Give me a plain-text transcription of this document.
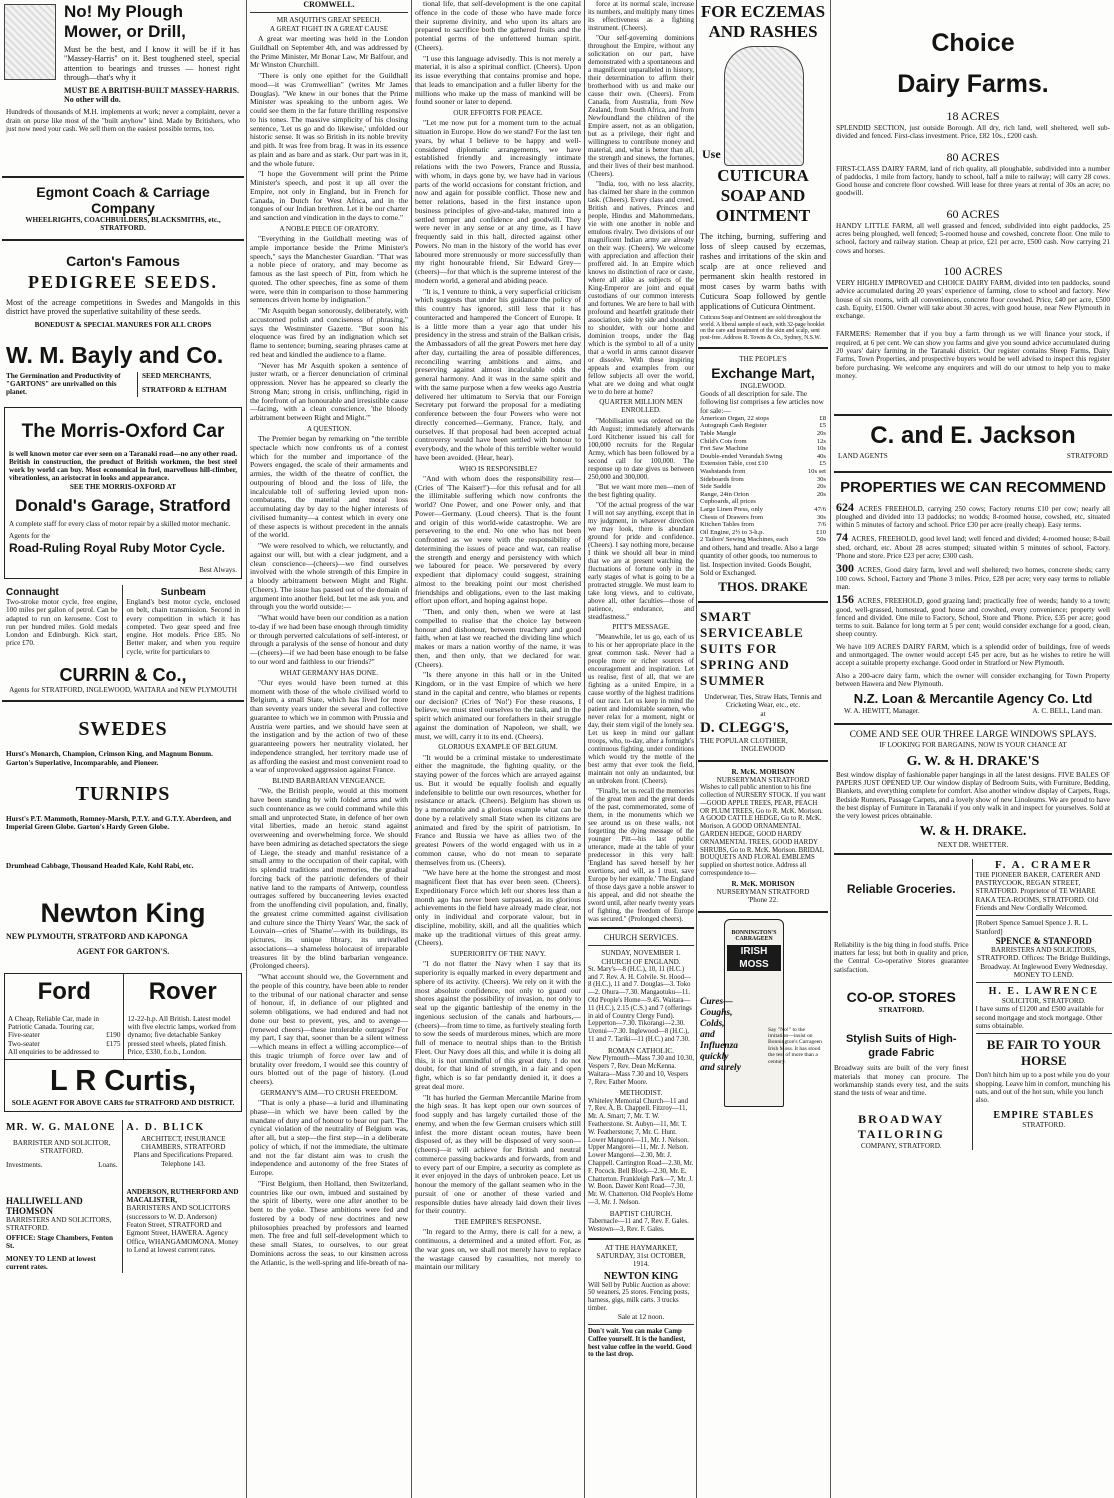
No! My Plough Mower, or Drill,
Must be the best, and I know it will be if it has "Massey-Harris" on it. Best toughened steel, special attention to bearings and trusses — honest right through—that's why it
MUST BE A BRITISH-BUILT MASSEY-HARRIS. No other will do.
Hundreds of thousands of M.H. implements at work; never a complaint, never a drain on purse like most of the "built anyhow" kind. Made by Britishers, who just now need your cash. We sell them on the easiest possible terms, too.
Egmont Coach & Carriage Company
WHEELRIGHTS, COACHBUILDERS, BLACKSMITHS, etc., STRATFORD.
Carton's Famous
PEDIGREE SEEDS.
Most of the acreage competitions in Swedes and Mangolds in this district have proved the superlative suitability of these seeds.
BONEDUST & SPECIAL MANURES FOR ALL CROPS
W. M. Bayly and Co.
The Germination and Productivity of "GARTONS" are unrivalled on this planet.
SEED MERCHANTS,
STRATFORD & ELTHAM
The Morris-Oxford Car
is well known motor car ever seen on a Taranaki road—no any other road. British in construction, the product of British workmen, the best steel work by world can buy. Most economical in fuel, marvellous hill-climber, vibrationless, an aristocrat in looks and appearance.
SEE THE MORRIS-OXFORD AT
Donald's Garage, Stratford
A complete staff for every class of motor repair by a skilled motor mechanic.
Agents for the
Road-Ruling Royal Ruby Motor Cycle.
Best Always.
Connaught
Two-stroke motor cycle, free engine, 100 miles per gallon of petrol. Can be adapted to run on kerosene. Cost to run per hundred miles. Gold medals London and Edinburgh. Kick start, price £70.
Sunbeam
England's best motor cycle, enclosed on belt, chain transmission. Second in every competition in which it has competed. Two gear speed and free engine. Hot models. Price £85. No Better maker, and when you require cycle, write for particulars to
CURRIN & Co.,
Agents for STRATFORD, INGLEWOOD, WAITARA and NEW PLYMOUTH
SWEDES
Hurst's Monarch, Champion, Crimson King, and Magnum Bonum. Garton's Superlative, Incomparable, and Pioneer.
TURNIPS
Hurst's P.T. Mammoth, Romney-Marsh, P.T.Y. and G.T.Y. Aberdeen, and Imperial Green Globe. Garton's Hardy Green Globe.
Drumhead Cabbage, Thousand Headed Kale, Kohl Rabi, etc.
Newton King
NEW PLYMOUTH, STRATFORD AND KAPONGA
AGENT FOR GARTON'S.
Ford
A Cheap, Reliable Car, made in Patriotic Canada. Touring car,
Five-seater	£190
Two-seater	£175
All enquiries to be addressed to
Rover
12-22-h.p. All British. Latest model with five electric lamps, worked from dynamo; five detachable Sankey pressed steel wheels, plated finish. Price, £330, f.o.b., London.
L R Curtis,
SOLE AGENT FOR ABOVE CARS for STRATFORD AND DISTRICT.
MR. W. G. MALONE
BARRISTER AND SOLICITOR, STRATFORD.
Investments.	Loans.
HALLIWELL AND THOMSON
BARRISTERS AND SOLICITORS, STRATFORD.
OFFICE: Stage Chambers, Fenton St.
MONEY TO LEND at lowest current rates.
A. D. BLICK
ARCHITECT, INSURANCE CHAMBERS, STRATFORD
Plans and Specifications Prepared. Telephone 143.
ANDERSON, RUTHERFORD AND MACALISTER,
BARRISTERS AND SOLICITORS (successors to W. D. Anderson)
Featon Street, STRATFORD and Egmont Street, HAWERA. Agency Office, WHANGAMOMONA. Money to Lend at lowest current rates.
CROMWELL.
MR ASQUITH'S GREAT SPEECH.
A GREAT FIGHT IN A GREAT CAUSE

A great war meeting was held in the London Guildhall on September 4th, and was addressed by the Prime Minister, Mr Bonar Law, Mr Balfour, and Mr Winston Churchill.

"There is only one epithet for the Guildhall mood—it was Cromwellian" (writes Mr James Douglas). "We knew in our bones that the Prime Minister was speaking to the unborn ages. We could see them in the far future thrilling responsive to his tones. The massive simplicity of his closing sentence, 'Let us go and do likewise,' unfolded our historic sense. It was so British in its noble brevity and pith. It was free from brag. It was in its essence as plain and as bare and as stark. Our part was in it, and the whole future.

"I hope the Government will print the Prime Minister's speech, and post it up all over the Empire, not only in England, but in French for Canada, in Dutch for West Africa, and in the tongues of our Indian brethren. Let it be our charter and sanction and vindication in the days to come."

A NOBLE PIECE OF ORATORY.

"Everything in the Guildhall meeting was of ample importance beside the Prime Minister's speech," says the Manchester Guardian. "That was a noble piece of oratory, and may become as famous as the last speech of Pitt, from which he quoted. The other speeches, fine as some of them were, were thin in comparison to those hammering sentences driven home by indignation."

"Mr Asquith began sonorously, deliberately, with accustomed polish and conciseness of phrasing," says the Westminster Gazette. "But soon his eloquence was fired by an indignation which set flame to sentence; burning, searing phrases came at red heat and kindled the audience to a flame.

"Never has Mr Asquith spoken a sentence of juster wrath, or a fiercer denunciation of criminal oppression. Never has he appeared so clearly the Strong Man; strong in crisis, unflinching, rigid in the forefront of an honourable and irresistible cause—facing, with a clean conscience, 'the bloody arbitrament between Right and Might.'"

A QUESTION.

The Premier began by remarking on "the terrible spectacle which now confronts us of a contest which for the number and importance of the Powers engaged, the scale of their armaments and armies, the width of the theatre of conflict, the outpouring of blood and the loss of life, the incalculable toll of suffering levied upon non-combatants, the material and moral loss accumulating day by day to the higher interests of civilised humanity—a contest which in every one of these aspects is without precedent in the annals of the world.

"We were resolved to which, we reluctantly, and against our will, but with a clear judgment, and a clean conscience—(cheers)—we find ourselves involved with the whole strength of this Empire in a bloody arbitrament between Might and Right. (Cheers). The issue has passed out of the domain of argument into another field, but let me ask you, and through you the world outside:—

"What would have been our condition as a nation to-day if we had been base enough through timidity or through perverted calculations of self-interest, or through a paralysis of the sense of honour and duty—(cheers)—if we had been base enough to be false to our word and faithless to our friends?"

WHAT GERMANY HAS DONE.

"Our eyes would have been turned at this moment with those of the whole civilised world to Belgium, a small State, which has lived for more than seventy years under the several and collective guarantee to which we in common with Prussia and Austria were parties, and we should have seen at the instigation and by the action of two of these guaranteeing powers her neutrality violated, her independence strangled, her territory made use of as affording the easiest and most convenient road to a war of unprovoked aggression against France.

BLIND BARBARIAN VENGEANCE.

"We, the British people, would at this moment have been standing by with folded arms and with such countenance as we could command while this small and unprotected State, in defence of her own vital liberties, made an heroic stand against overweening and overwhelming force. We should have been admiring as detached spectators the siege of Liege, the steady and manful resistance of a small army to the occupation of their capital, with its splendid traditions and memories, the gradual forcing back of the patriotic defenders of their native land to the ramparts of Antwerp, countless outrages suffered by buccaneering levies exacted from the unoffending civil population, and, finally, the greatest crime committed against civilisation and culture since the Thirty Years' War, the sack of Louvain—cries of 'Shame'—with its buildings, its pictures, its unique library, its unrivalled associations—a shameless holocaust of irreparable treasures lit by the blind barbarian vengeance. (Prolonged cheers).

"What account should we, the Government and the people of this country, have been able to render to the tribunal of our national character and sense of honour, if, in defiance of our plighted and solemn obligations, we had endured and had not done our best to prevent, yes, and to avenge—(renewed cheers)—these intolerable outrages? For my part, I say that, sooner than be a silent witness—which means in effect a willing accomplice—of this tragic triumph of force over law and of brutality over freedom, I would see this country of ours blotted out of the page of history. (Loud cheers).

GERMANY'S AIM—TO CRUSH FREEDOM.

"That is only a phase—a lurid and illuminating phase—in which we have been called by the mandate of duty and of honour to bear our part. The cynical violation of the neutrality of Belgium was, after all, but a step—the first step—in a deliberate policy of which, if not the immediate, the ultimate and not the far distant aim was to crush the independence and autonomy of the free States of Europe.

"First Belgium, then Holland, then Switzerland, countries like our own, imbued and sustained by the spirit of liberty, were one after another to be bent to the yoke. These ambitions were fed and fostered by a body of new doctrines and new philosophies preached by professors and learned men. The free and full self-development which to these small States, to ourselves, to our great Dominions across the seas, to our kinsmen across the Atlantic, is the well-spring and life-breath of na-

tional life, that self-development is the one capital offence in the code of those who have made force their supreme divinity, and who upon its altars are prepared to sacrifice both the gathered fruits and the potential germs of the unfettered human spirit. (Cheers).

"I use this language advisedly. This is not merely a material, it is also a spiritual conflict. (Cheers). Upon its issue everything that contains promise and hope, that leads to emancipation and a fuller liberty for the millions who make up the mass of mankind will be found sooner or later to depend.

OUR EFFORTS FOR PEACE.

"Let me now put for a moment turn to the actual situation in Europe. How do we stand? For the last ten years, by what I believe to be happy and well-considered diplomatic arrangements, we have established friendly and increasingly intimate relations with the two Powers, France and Russia, with whom, in days gone by, we have had in various parts of the world occasions for constant friction, and now and again for possible conflict. Those new and better relations, based in the first instance upon business principles of give-and-take, matured into a settled temper and confidence and goodwill. They were never in any sense or at any time, as I have frequently said in this hall, directed against other Powers. No man in the history of the world has ever laboured more strenuously or more successfully than my right honourable friend, Sir Edward Grey—(cheers)—for that which is the supreme interest of the modern world, a general and abiding peace.

"It is, I venture to think, a very superficial criticism which suggests that under his guidance the policy of this country has ignored, still less that it has counteracted and hampered the Concert of Europe. It is a little more than a year ago that under his presidency in the stress and strain of the Balkan crisis, the Ambassadors of all the great Powers met here day after day, curtailing the area of possible differences, reconciling warring ambitions and aims, and preserving against almost incalculable odds the general harmony. And it was in the same spirit and with the same purpose when a few weeks ago Austria delivered her ultimatum to Servia that our Foreign Secretary put forward the proposal for a mediating conference between the four Powers who were not directly concerned—Germany, France, Italy, and ourselves. If that proposal had been accepted actual controversy would have been settled with honour to everybody, and the whole of this terrible welter would have been avoided. (Hear, hear).

WHO IS RESPONSIBLE?

"And with whom does the responsibility rest—(Cries of 'The Kaiser!')—for this refusal and for all the illimitable suffering which now confronts the world? One Power, and one Power only, and that Power—Germany. (Loud cheers). That is the fount and origin of this world-wide catastrophe. We are persevering to the end. No one who has not been confronted as we were with the responsibility of determining the issues of peace and war, can realise the strength and energy and persistency with which we laboured for peace. We persevered by every expedient that diplomacy could suggest, straining almost to the breaking point our most cherished friendships and obligations, even to the last making effort upon effort, and hoping against hope.

"Then, and only then, when we were at last compelled to realise that the choice lay between honour and dishonour, between treachery and good faith, when at last we reached the dividing line which makes or mars a nation worthy of the name, it was then, and then only, that we declared for war. (Cheers).

"Is there anyone in this hall or in the United Kingdom, or in the vast Empire of which we here stand in the capital and centre, who blames or repents our decision? (Cries of 'No!') For these reasons, I believe, we must steel ourselves to the task, and in the spirit which animated our forefathers in their struggle against the domination of Napoleon, we shall, we must, we will, carry it to its end. (Cheers).

GLORIOUS EXAMPLE OF BELGIUM.

"It would be a criminal mistake to underestimate either the magnitude, the fighting quality, or the staying power of the forces which are arrayed against us. But it would be equally foolish and equally indefensible to belittle our own resources, whether for resistance or attack. (Cheers). Belgium has shown us by a memorable and a glorious example what can be done by a relatively small State when its citizens are animated and fired by the spirit of patriotism. In France and Russia we have as allies two of the greatest Powers of the world engaged with us in a common cause, who do not mean to separate themselves from us. (Cheers).

"We have here at the home the strongest and most magnificent fleet that has ever been seen. (Cheers). Expeditionary Force which left our shores less than a month ago has never been surpassed, as its glorious achievements in the field have already made clear, not only in individual and corporate valour, but in discipline, mobility, skill, and all the qualities which make up the traditional virtues of this great army. (Cheers).

SUPERIORITY OF THE NAVY.

"I do not flatter the Navy when I say that its superiority is equally marked in every department and sphere of its activity. (Cheers). We rely on it with the most absolute confidence, not only to guard our shores against the possibility of invasion, not only to seal up the gigantic battleship of the enemy in the ingenious seclusion of the canals and harbours,—(cheers)—from time to time, as furtively stealing forth to sow the seeds of murderous mines, which are more full of menace to neutral ships than to the British Fleet. Our Navy does all this, and while it is doing all this, it is not unmindful of this great duty. I do not doubt, for that kind of strength, in a fair and open fight, which is so far pendantly denied it, it does a great deal more.

"It has hurled the German Mercantile Marine from the high seas. It has kept open our own sources of food supply and has largely curtailed those of the enemy, and when the few German cruisers which still infest the more distant ocean routes, have been disposed of, as they will be disposed of very soon—(cheers)—it will achieve for British and neutral commerce passing backwards and forwards, from and to every part of our Empire, a security as complete as it ever enjoyed in the days of unbroken peace. Let us honour the memory of the gallant seamen who in the pursuit of one or another of these varied and responsible duties have already laid down their lives for their country.

THE EMPIRE'S RESPONSE.

"In regard to the Army, there is call for a new, a continuous, a determined and a united effort. For, as the war goes on, we shall not merely have to replace the wastage caused by casualties, not merely to maintain our military

force at its normal scale, increase its numbers, and multiply many times its effectiveness as a fighting instrument. (Cheers).

"Our self-governing dominions throughout the Empire, without any solicitation on our part, have demonstrated with a spontaneous and a magnificent unparalleled in history, their determination to affirm their brotherhood with us and make our cause their own. (Cheers). From Canada, from Australia, from New Zealand, from South Africa, and from Newfoundland the children of the Empire assert, not as an obligation, but as a privilege, their right and willingness to contribute money and material, and, what is better than all, the strength and sinews, the fortunes, and their lives of their best manhood. (Cheers).

"India, too, with no less alacrity, has claimed her share in the common task. (Cheers). Every class and creed, British and natives, Princes and people, Hindus and Mahommedans, vie with one another in noble and emulous rivalry. Two divisions of our magnificent Indian army are already on their way. (Cheers). We welcome with appreciation and affection their proffered aid. In an Empire which knows no distinction of race or caste, where all alike as subjects of the King-Emperor are joint and equal custodians of our common interests and fortunes. We are here to hail with profound and heartfelt gratitude their association, side by side and shoulder to shoulder, with our home and dominion troops, under the flag which is the symbol to all of a unity that a world in arms cannot dissever or dissolve. With these inspiring appeals and examples from our fellow subjects all over the world, what are we doing and what ought we to do here at home?

QUARTER MILLION MEN ENROLLED.

"Mobilisation was ordered on the 4th August; immediately afterwards Lord Kitchener issued his call for 100,000 recruits for the Regular Army, which has been followed by a second call for 100,000. The response up to date gives us between 250,000 and 300,000.

"But we want more men—men of the best fighting quality.

"Of the actual progress of the war I will not say anything, except that in my judgment, in whatever direction we may look, there is abundant ground for pride and confidence. (Cheers). I say nothing more, because I think we should all bear in mind that we are at present watching the fluctuations of fortune only in the early stages of what is going to be a protracted struggle. We must learn to take long views, and to cultivate, above all, other faculties—those of patience, endurance, and steadfastness."

PITT'S MESSAGE.

"Meanwhile, let us go, each of us to his or her appropriate place in the great common task. Never had a people more or richer sources of encouragement and inspiration. Let us realise, first of all, that we are fighting as a united Empire, in a cause worthy of the highest traditions of our race. Let us keep in mind the patient and indomitable seamen, who never relax for a moment, night or day, their stern vigil of the lonely sea. Let us keep in mind our gallant troops, who, to-day, after a fortnight's continuous fighting, under conditions which would try the mettle of the best army that ever took the field, maintain not only an undaunted, but an unbroken front. (Cheers).

"Finally, let us recall the memories of the great men and the great deeds of the past, commemorated, some of them, in the monuments which we see around us on these walls, not forgetting the dying message of the younger Pitt—his last public utterance, made at the table of your predecessor in this very hall: 'England has saved herself by her exertions, and will, as I trust, save Europe by her example.' The England of those days gave a noble answer to his appeal, and did not sheathe the sword until, after nearly twenty years of fighting, the freedom of Europe was secured." (Prolonged cheers).

CHURCH SERVICES.
SUNDAY, NOVEMBER 1.
CHURCH OF ENGLAND.
St. Mary's—8 (H.C.), 10, 11 (H.C.) and 7. Rev. A. H. Colvile. St. Hood—8 (H.C.), 11 and 7. Douglas—3. Toko—2. Ohura—7.30. Mangaotuku—11. Old People's Home—9.45. Waitara—11 (H.C.), 2.15 (C.S.) and 7 (offerings in aid of Country Clergy Fund). Lepperton—7.30. Tikorangi—2.30. Urenui—7.30. Inglewood—8 (H.C.), 11 and 7. Tariki—11 (H.C.) and 7.30.
ROMAN CATHOLIC.
New Plymouth—Mass 7.30 and 10.30, Vespers 7, Rev. Dean McKenna. Waitara—Mass 7.30 and 10, Vespers 7, Rev. Father Moore.
METHODIST.
Whiteley Memorial Church—11 and 7, Rev. A. B. Chappell. Fitzroy—11, Mr. A. Smart; 7, Mr. T. W. Featherstone. St. Aubyn—11, Mr. T. W. Featherstone; 7, Mr. C. Hunt. Lower Mangorei—11, Mr. J. Nelson. Upper Mangorei—11, Mr. J. Nelson. Lower Mangorei—2.30, Mr. J. Chappell. Carrington Road—2.30, Mr. F. Pocock. Bell Block—2.30, Mr. E. Chatterton. Frankleigh Park—7, Mr. J. W. Boon. Dawer Kent Road—7.30, Mr. W. Chatterton. Old People's Home—3, Mr. J. Nelson.
BAPTIST CHURCH.
Tabernacle—11 and 7, Rev. F. Gales. Westown—3, Rev. F. Gales.
AT THE HAYMARKET,
SATURDAY, 31st OCTOBER, 1914.
NEWTON KING
Will Sell by Public Auction as above: 50 weaners, 25 stores. Fencing posts, harness, gigs, milk carts. 3 trucks timber.
Sale at 12 noon.
Don't wait. You can make Camp Coffee yourself. It is the handiest, best value coffee in the world. Good to the last drop.
FOR ECZEMAS AND RASHES
Use
CUTICURA SOAP AND OINTMENT
The itching, burning, suffering and loss of sleep caused by eczemas, rashes and irritations of the skin and scalp are at once relieved and permanent skin health restored in most cases by warm baths with Cuticura Soap followed by gentle applications of Cuticura Ointment.
Cuticura Soap and Ointment are sold throughout the world. A liberal sample of each, with 32-page booklet on the care and treatment of the skin and scalp, sent post-free. Address R. Towns & Co., Sydney, N.S.W.
THE PEOPLE'S
Exchange Mart,
INGLEWOOD.
Goods of all description for sale. The following list comprises a few articles now for sale:—
American Organ, 22 stops	£8
Autograph Cash Register	£5
Table Mangle	20s
Child's Cots from	12s
Fret Saw Machine	10s
Double-ended Verandah Swing	40s
Extension Table, cost £10	£5
Washstands from	10s set
Sideboards from	30s
Side Saddle	20s
Range, 24in Orion	20s
Cupboards, all prices
Large Linen Press, only	47/6
Chests of Drawers from	30s
Kitchen Tables from	7/6
Oil Engine, 2½ to 3-h.p.	£10
2 Tailors' Sewing Machines, each	50s
and others, hand and treadle. Also a large quantity of other goods, too numerous to list. Inspection invited. Goods Bought, Sold or Exchanged.
THOS. DRAKE
SMART
SERVICEABLE
SUITS FOR
SPRING AND
SUMMER
Underwear, Ties, Straw Hats, Tennis and Cricketing Wear, etc., etc.
at
D. CLEGG'S,
THE POPULAR CLOTHIER,
INGLEWOOD
R. McK. MORISON
NURSERYMAN STRATFORD
Wishes to call public attention to his fine collection of NURSERY STOCK. If you want—GOOD APPLE TREES, PEAR, PEACH OR PLUM TREES, Go to R. McK. Morison. A GOOD CATTLE HEDGE, Go to R. McK. Morison. A GOOD ORNAMENTAL GARDEN HEDGE, GOOD HARDY ORNAMENTAL TREES, GOOD HARDY SHRUBS, Go to R. McK. Morison. BRIDAL BOUQUETS AND FLORAL EMBLEMS supplied on shortest notice. Address all correspondence to—
R. McK. MORISON
NURSERYMAN STRATFORD
'Phone 22.
BONNINGTON'S CARRAGEEN
IRISH MOSS
Cures—
Coughs,
Colds,
and
Influenza
quickly
and surely
Say "No!" to the imitation—insist on Bonnington's Carrageen Irish Moss. It has stood the test of more than a century.
Choice
Dairy Farms.
18 ACRES
SPLENDID SECTION, just outside Borough. All dry, rich land, well sheltered, well sub-divided and fenced. First-class investment. Price, £82 10s., £200 cash.
80 ACRES
FIRST-CLASS DAIRY FARM, land of rich quality, all ploughable, subdivided into a number of paddocks, 1 mile from factory, handy to school, half a mile to railway; will carry 28 cows. Good house and concrete floor cowshed. Will lease for three years at rental of 30s an acre; no goodwill.
60 ACRES
HANDY LITTLE FARM, all well grassed and fenced, subdivided into eight paddocks, 25 acres being ploughed, well fenced; 5-roomed house and cowshed, concrete floor. One mile to school, factory and railway station. Cheap at price, £21 per acre, £500 cash. Now carrying 21 cows and horses.
100 ACRES
VERY HIGHLY IMPROVED and CHOICE DAIRY FARM, divided into ten paddocks, sound advice accumulated during 20 years' experience of farming, close to school and factory. New house of six rooms, with all conveniences, concrete floor cowshed. Price, £40 per acre, £500 cash. Equity, £1500. Owner will take about 30 acres, with good house, near New Plymouth in exchange.
FARMERS: Remember that if you buy a farm through us we will finance your stock, if required, at 6 per cent. We can show you farms and give you sound advice accumulated during 20 years' dairy farming in the Taranaki district. Our register contains Sheep Farms, Dairy Farms, Town Properties, and prospective buyers would be well advised to inspect this register before purchasing. We welcome any enquirers and will do our utmost to help you to make money.
C. and E. Jackson
LAND AGENTS	STRATFORD
PROPERTIES WE CAN RECOMMEND
624 ACRES FREEHOLD, carrying 250 cows; Factory returns £10 per cow; nearly all ploughed and divided into 13 paddocks; no wodds; 8-roomed house, cowshed, etc, situated within 5 minutes of factory and school. Price £30 per acre (really cheap). Easy terms.
74 ACRES, FREEHOLD, good level land; well fenced and divided; 4-roomed house; 8-bail shed, orchard, etc. About 28 acres stumped; situated within 5 minutes of school, Factory. 'Phone and store. Price £23 per acre; £300 cash.
300 ACRES, Good dairy farm, level and well sheltered; two homes, concrete sheds; carry 100 cows. School, Factory and 'Phone 3 miles. Price, £28 per acre; very easy terms to reliable man.
156 ACRES, FREEHOLD, good grazing land; practically free of weeds; handy to a town; good, well-grassed, homestead, good house and cowshed, every convenience; property well fenced and divided. One mile to Factory, School, Store and 'Phone. Price, £35 per acre; good terms to suit. Balance for long term at 5 per cent; would consider exchange for a good, clean, sheep country.
We have 109 ACRES DAIRY FARM, which is a splendid order of buildings, free of weeds and unmortgaged. The owner would accept £45 per acre, but as he wishes to retire he will accept a suitable property exchange. Good order in Stratford or New Plymouth.
Also a 200-acre dairy farm, which the owner will consider exchanging for Town Property between Hawera and New Plymouth.
N.Z. Loan & Mercantile Agency Co. Ltd
W. A. HEWITT, Manager.	A. C. BELL, Land man.
COME AND SEE OUR THREE LARGE WINDOWS SPLAYS.
IF LOOKING FOR BARGAINS, NOW IS YOUR CHANCE AT
G. W. & H. DRAKE'S
Best window display of fashionable paper hangings in all the latest designs. FIVE BALES OF PAPERS JUST OPENED UP. Our window display of Bedroom Suits, with Furniture, Bedding, Blankets, and everything complete for comfort. Also another window display of Carpets, Rugs, Bedside Runners, Passage Carpets, and a lovely show of new Linoleums. We are proud to have the best display of Furniture in Taranaki if you only walk in and inspect for yourselves. Sold at the very lowest prices obtainable.
W. & H. DRAKE.
NEXT DR. WHETTER.
Reliable Groceries.
Reliability is the big thing in food stuffs. Price matters far less; but both in quality and price, the Central Co-operative Stores guarantee satisfaction.
CO-OP. STORES
STRATFORD.
Stylish Suits of High-grade Fabric
Broadway suits are built of the very finest materials that money can procure. The workmanship stands every test, and the suits stand the tests of wear and time.
BROADWAY TAILORING
COMPANY, STRATFORD.
F. A. CRAMER
THE PIONEER BAKER, CATERER AND PASTRYCOOK, REGAN STREET, STRATFORD. Proprietor of TE WHARE RAKA TEA-ROOMS, STRATFORD. Old Friends and New Cordially Welcomed.
[Robert Spence Samuel Spence J. R. L. Stanford]
SPENCE & STANFORD
BARRISTERS AND SOLICITORS, STRATFORD. Offices: The Bridge Buildings, Broadway. At Inglewood Every Wednesday. MONEY TO LEND.
H. E. LAWRENCE
SOLICITOR, STRATFORD.
I have sums of £1200 and £500 available for second mortgage and stock mortgage. Other sums obtainable.
BE FAIR TO YOUR HORSE
Don't hitch him up to a post while you do your shopping. Leave him in comfort, munching his oats, and out of the hot sun, while you lunch also.
EMPIRE STABLES
STRATFORD.
